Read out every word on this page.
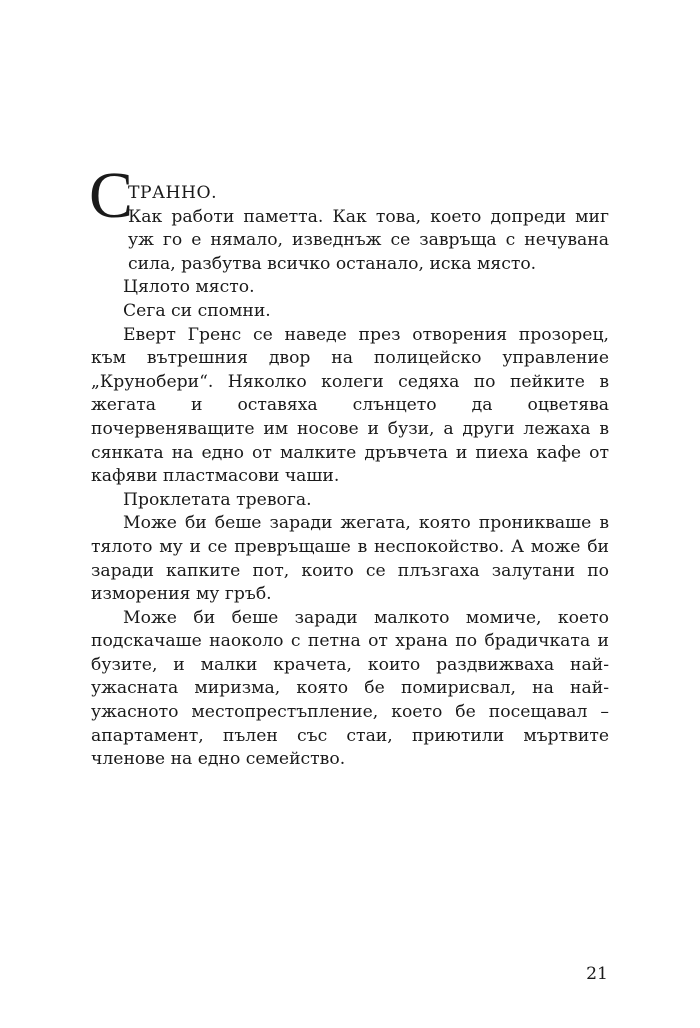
С
ТРАННО.

Как работи паметта. Как това, което допреди миг уж го е нямало, изведнъж се завръща с нечувана сила, разбутва всичко останало, иска място.

Цялото място.

Сега си спомни.

Еверт Гренс се наведе през отворения прозорец, към вътрешния двор на полицейско управление „Крунобери“. Няколко колеги седяха по пейките в жегата и оставяха слънцето да оцветява почервеняващите им носове и бузи, а други лежаха в сянката на едно от малките дръвчета и пиеха кафе от кафяви пластмасови чаши.

Проклетата тревога.

Може би беше заради жегата, която проникваше в тялото му и се превръщаше в неспокойство. А може би заради капките пот, които се плъзгаха залутани по изморения му гръб.

Може би беше заради малкото момиче, което подскачаше наоколо с петна от храна по брадичката и бузите, и малки крачета, които раздвижваха най-ужасната миризма, която бе помирисвал, на най-ужасното местопрестъпление, което бе посещавал – апартамент, пълен със стаи, приютили мъртвите членове на едно семейство.

21
